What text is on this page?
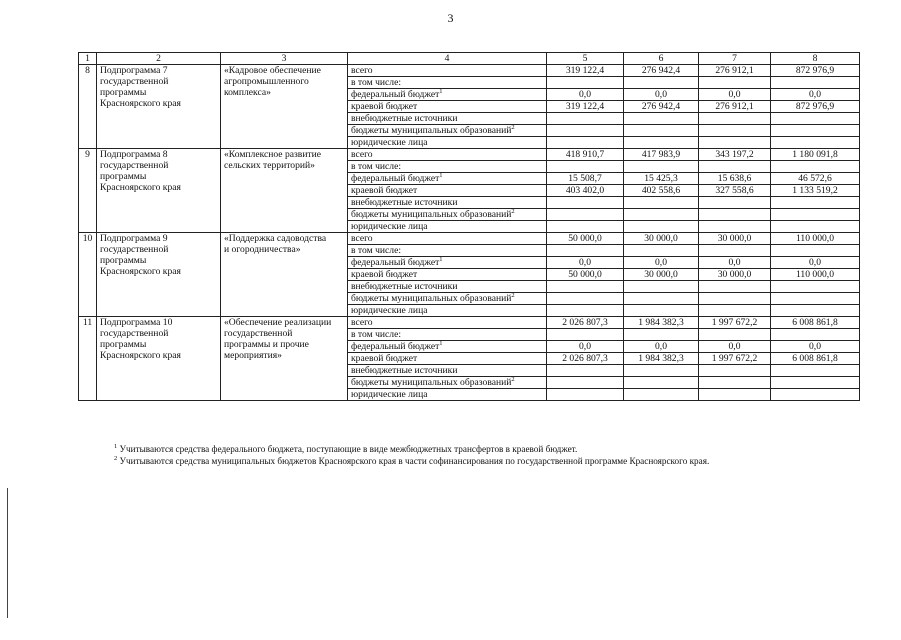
3
1	2	3	4	5	6	7	8
8	Подпрограмма 7
государственной
программы
Красноярского края	«Кадровое обеспечение
агропромышленного
комплекса»	всего	319 122,4	276 942,4	276 912,1	872 976,9
			в том числе:				
			федеральный бюджет$^1$	0,0	0,0	0,0	0,0
			краевой бюджет	319 122,4	276 942,4	276 912,1	872 976,9
			внебюджетные источники				
			бюджеты муниципальных образований$^2$				
			юридические лица				
9	Подпрограмма 8
государственной
программы
Красноярского края	«Комплексное развитие
сельских территорий»	всего	418 910,7	417 983,9	343 197,2	1 180 091,8
			в том числе:				
			федеральный бюджет$^1$	15 508,7	15 425,3	15 638,6	46 572,6
			краевой бюджет	403 402,0	402 558,6	327 558,6	1 133 519,2
			внебюджетные источники				
			бюджеты муниципальных образований$^2$				
			юридические лица				
10	Подпрограмма 9
государственной
программы
Красноярского края	«Поддержка садоводства
и огородничества»	всего	50 000,0	30 000,0	30 000,0	110 000,0
			в том числе:				
			федеральный бюджет$^1$	0,0	0,0	0,0	0,0
			краевой бюджет	50 000,0	30 000,0	30 000,0	110 000,0
			внебюджетные источники				
			бюджеты муниципальных образований$^2$				
			юридические лица				
11	Подпрограмма 10
государственной
программы
Красноярского края	«Обеспечение реализации
государственной
программы и прочие
мероприятия»	всего	2 026 807,3	1 984 382,3	1 997 672,2	6 008 861,8
			в том числе:				
			федеральный бюджет$^1$	0,0	0,0	0,0	0,0
			краевой бюджет	2 026 807,3	1 984 382,3	1 997 672,2	6 008 861,8
			внебюджетные источники				
			бюджеты муниципальных образований$^2$				
			юридические лица				
$^1$ Учитываются средства федерального бюджета, поступающие в виде межбюджетных трансфертов в краевой бюджет.
$^2$ Учитываются средства муниципальных бюджетов Красноярского края в части софинансирования по государственной программе Красноярского края.
